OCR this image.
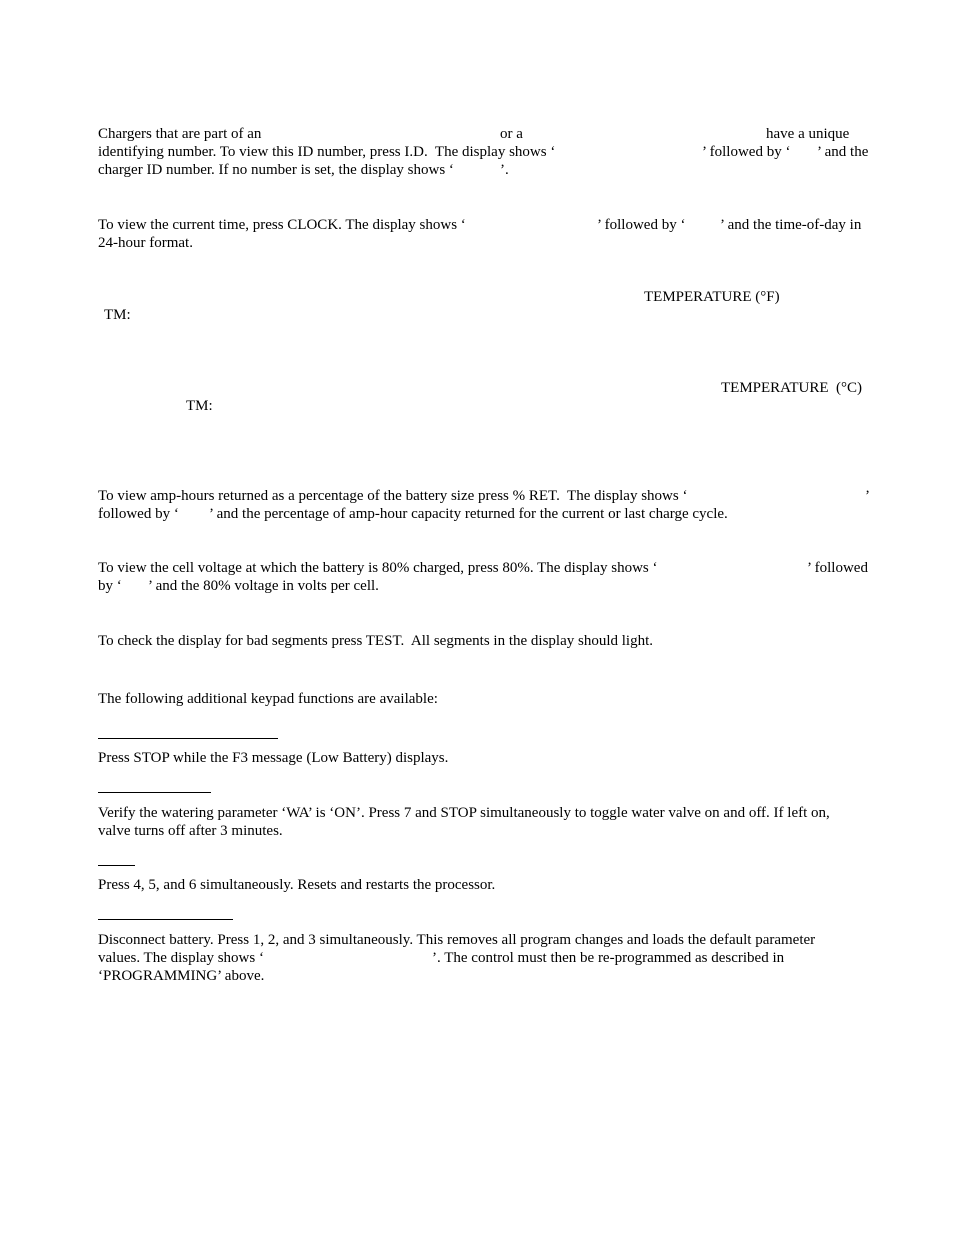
Chargers that are part of an	or a	have a unique
identifying number. To view this ID number, press I.D.  The display shows ‘	’ followed by ‘ ’ and the
charger ID number. If no number is set, the display shows ‘	’.
To view the current time, press CLOCK. The display shows ‘	’ followed by ‘ ’ and the time-of-day in
24-hour format.
TEMPERATURE (°F)
TM:
TEMPERATURE  (°C)
TM:
To view amp-hours returned as a percentage of the battery size press % RET.  The display shows ‘	’
followed by ‘ ’ and the percentage of amp-hour capacity returned for the current or last charge cycle.
To view the cell voltage at which the battery is 80% charged, press 80%. The display shows ‘	’ followed
by ‘ ’ and the 80% voltage in volts per cell.
To check the display for bad segments press TEST.  All segments in the display should light.
The following additional keypad functions are available:
Press STOP while the F3 message (Low Battery) displays.
Verify the watering parameter ‘WA’ is ‘ON’. Press 7 and STOP simultaneously to toggle water valve on and off. If left on,
valve turns off after 3 minutes.
Press 4, 5, and 6 simultaneously. Resets and restarts the processor.
Disconnect battery. Press 1, 2, and 3 simultaneously. This removes all program changes and loads the default parameter
values. The display shows ‘	’. The control must then be re-programmed as described in
‘PROGRAMMING’ above.
